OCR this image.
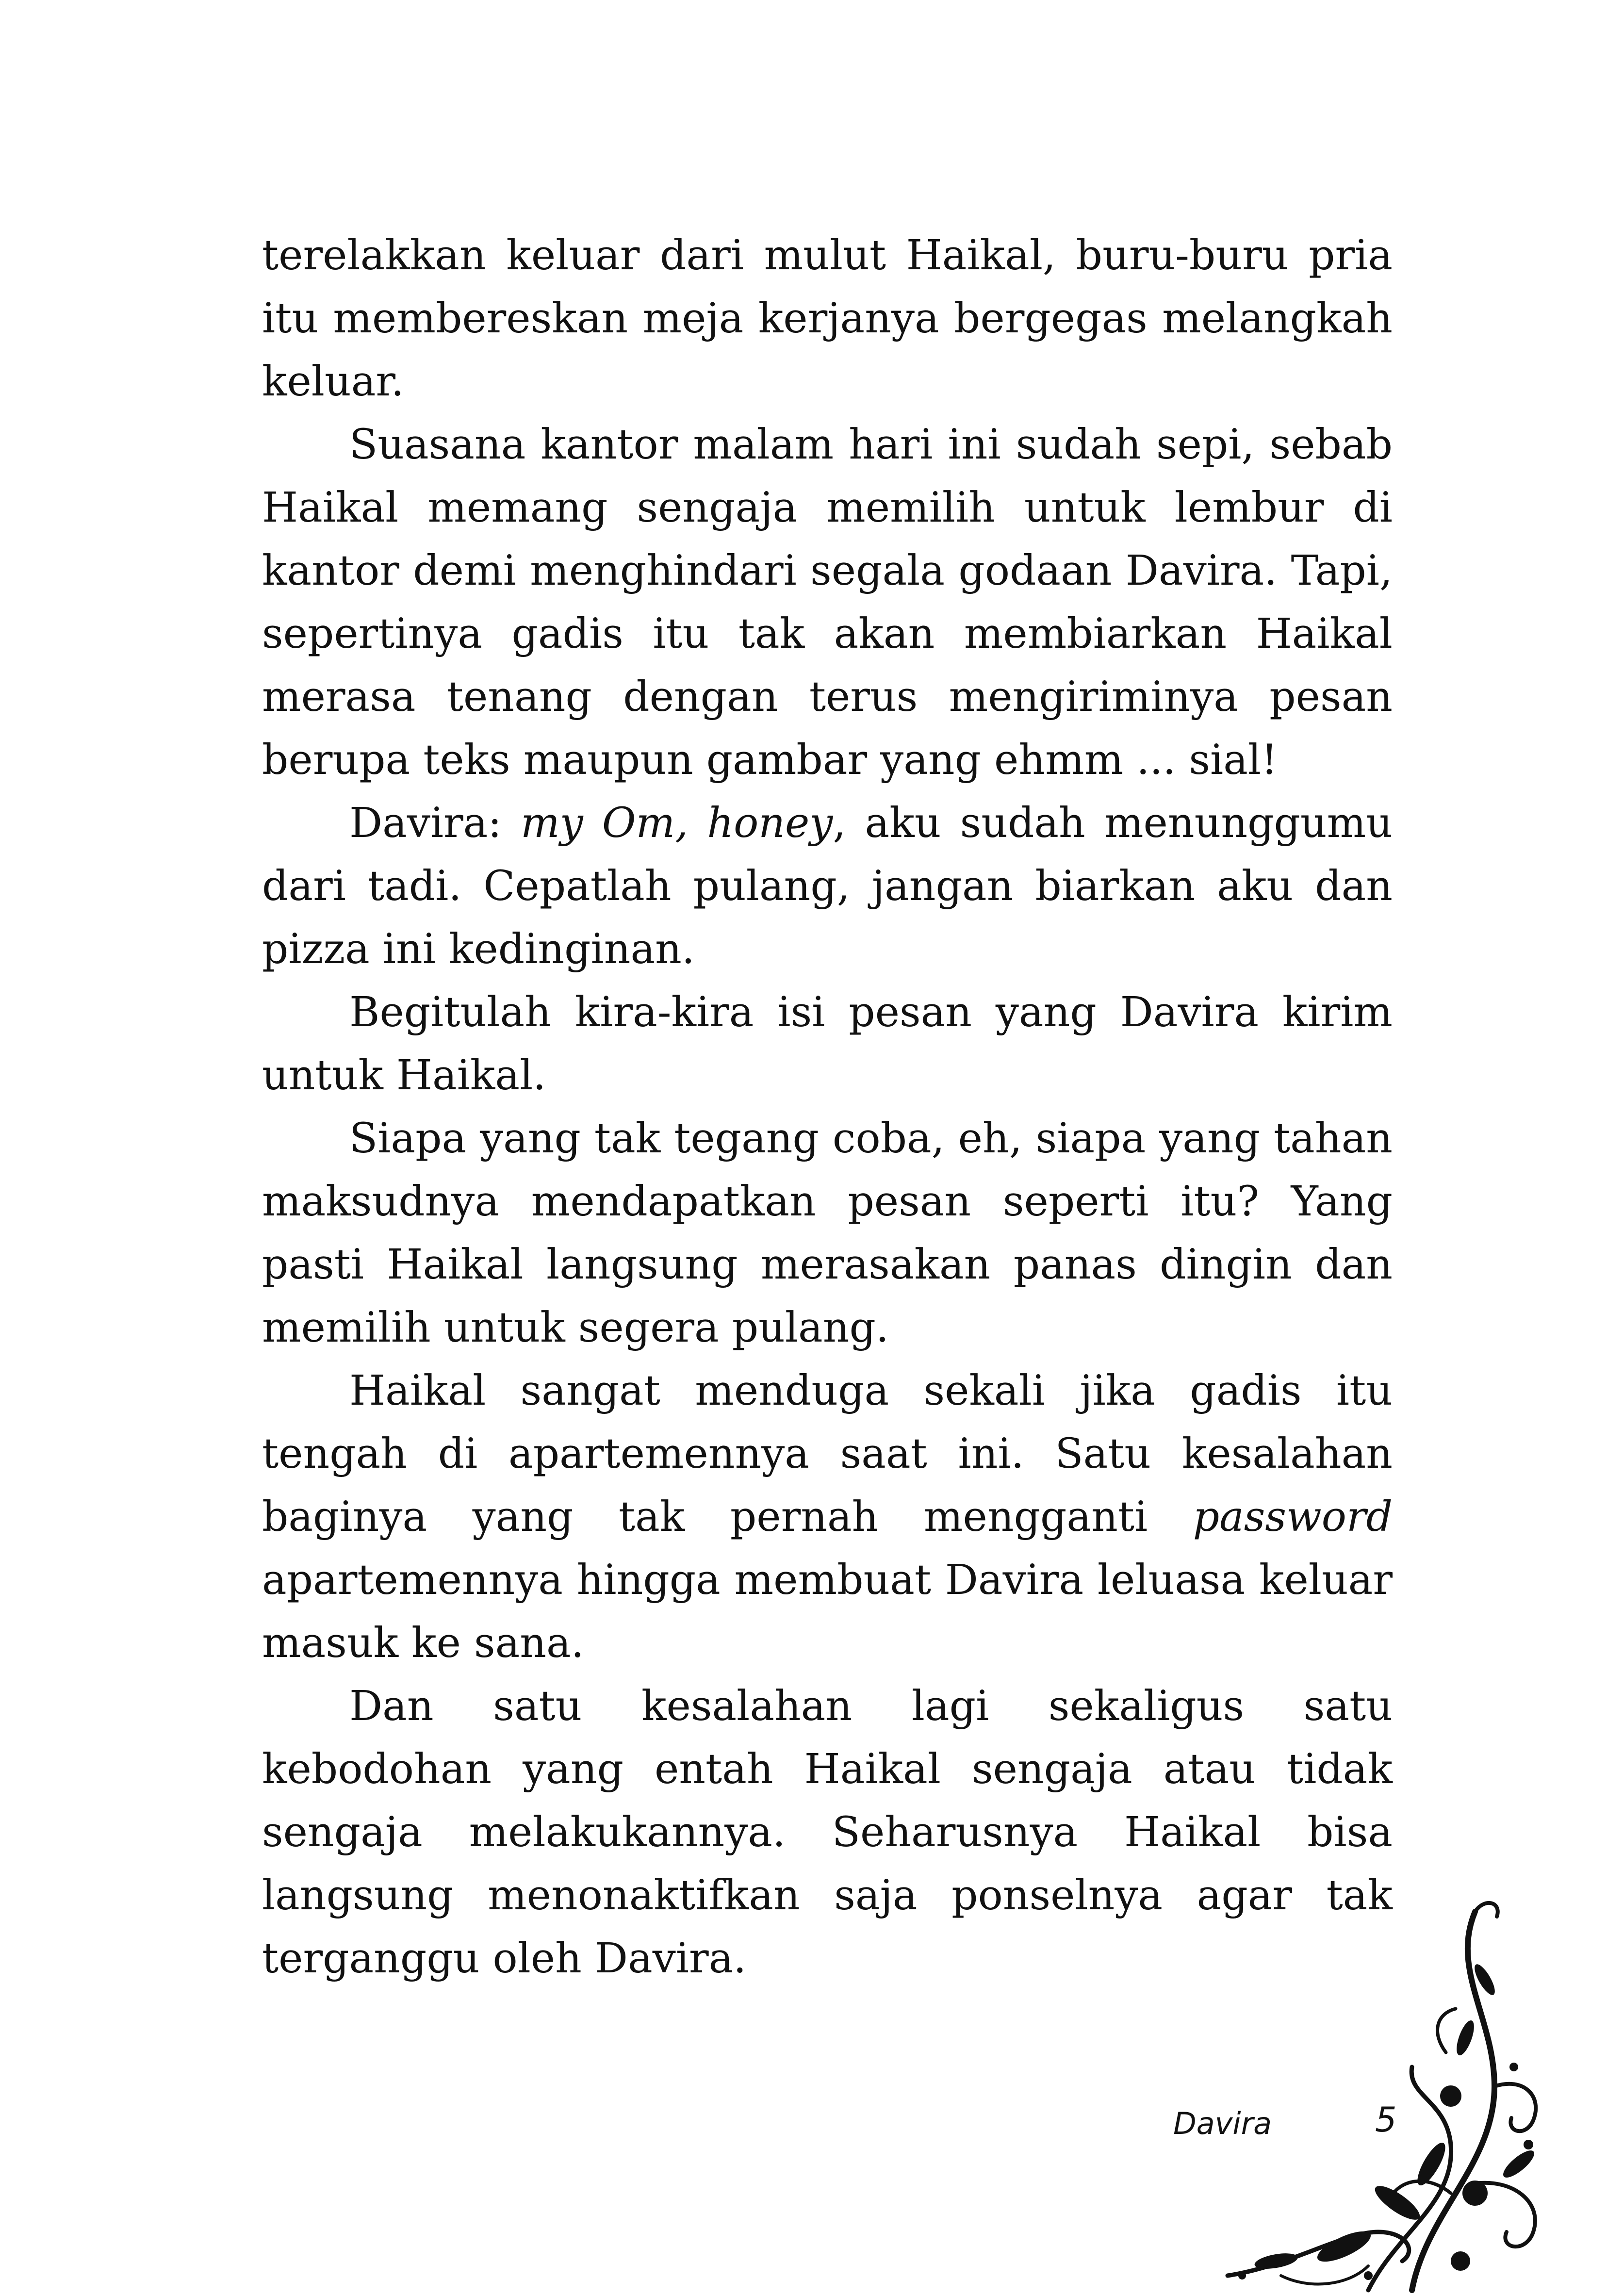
terelakkan keluar dari mulut Haikal, buru-buru pria itu membereskan meja kerjanya bergegas melangkah keluar.

Suasana kantor malam hari ini sudah sepi, sebab Haikal memang sengaja memilih untuk lembur di kantor demi menghindari segala godaan Davira. Tapi, sepertinya gadis itu tak akan membiarkan Haikal merasa tenang dengan terus mengiriminya pesan berupa teks maupun gambar yang ehmm ... sial!

Davira: my Om, honey, aku sudah menunggumu dari tadi. Cepatlah pulang, jangan biarkan aku dan pizza ini kedinginan.

Begitulah kira-kira isi pesan yang Davira kirim untuk Haikal.

Siapa yang tak tegang coba, eh, siapa yang tahan maksudnya mendapatkan pesan seperti itu? Yang pasti Haikal langsung merasakan panas dingin dan memilih untuk segera pulang.

Haikal sangat menduga sekali jika gadis itu tengah di apartemennya saat ini. Satu kesalahan baginya yang tak pernah mengganti password apartemennya hingga membuat Davira leluasa keluar masuk ke sana.

Dan satu kesalahan lagi sekaligus satu kebodohan yang entah Haikal sengaja atau tidak sengaja melakukannya. Seharusnya Haikal bisa langsung menonaktifkan saja ponselnya agar tak terganggu oleh Davira.

Davira	5
